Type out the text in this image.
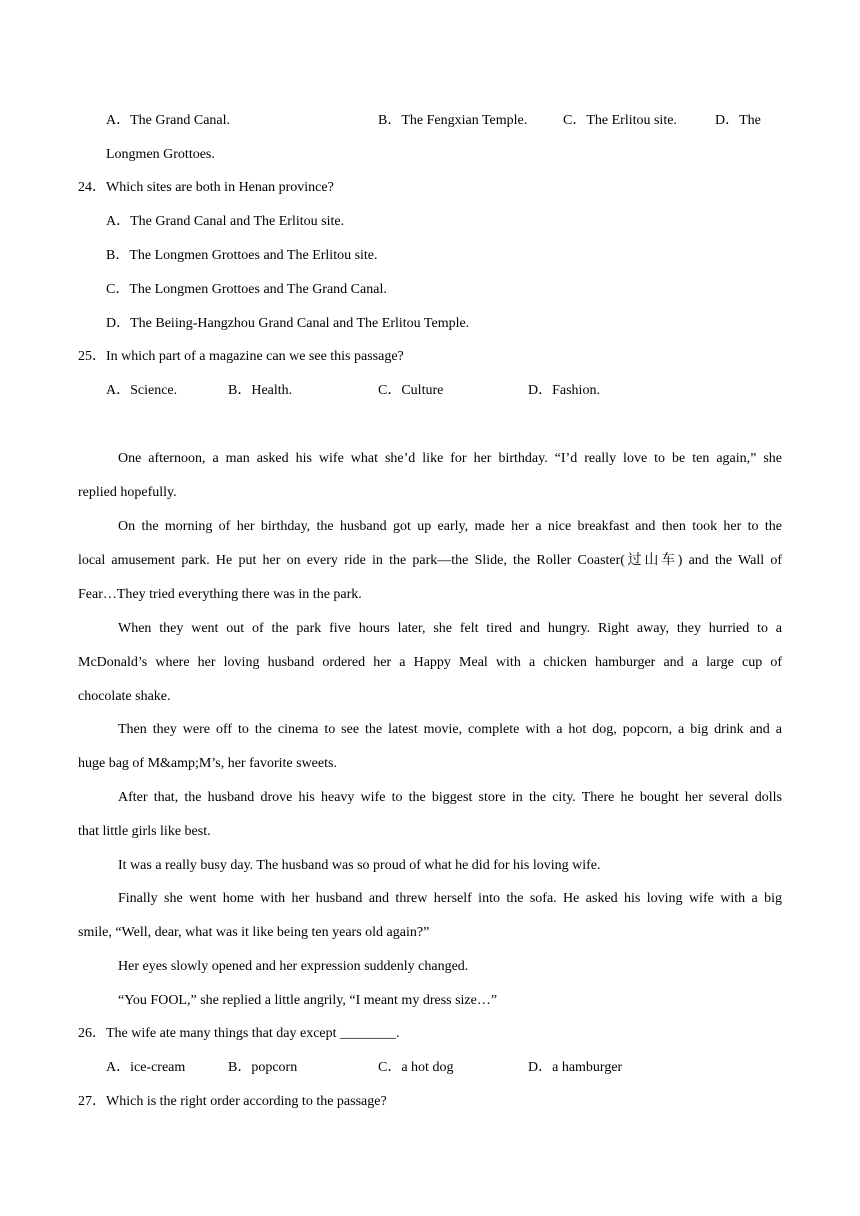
A．The Grand Canal.	B．The Fengxian Temple.	C．The Erlitou site.	D．The
Longmen Grottoes.
24．Which sites are both in Henan province?
A．The Grand Canal and The Erlitou site.
B．The Longmen Grottoes and The Erlitou site.
C．The Longmen Grottoes and The Grand Canal.
D．The Beiing-Hangzhou Grand Canal and The Erlitou Temple.
25．In which part of a magazine can we see this passage?
A．Science.	B．Health.	C．Culture	D．Fashion.
One afternoon, a man asked his wife what she’d like for her birthday. “I’d really love to be ten again,” she
replied hopefully.
On the morning of her birthday, the husband got up early, made her a nice breakfast and then took her to the
local amusement park. He put her on every ride in the park—the Slide, the Roller Coaster(过山车) and the Wall of
Fear…They tried everything there was in the park.
When they went out of the park five hours later, she felt tired and hungry. Right away, they hurried to a
McDonald’s where her loving husband ordered her a Happy Meal with a chicken hamburger and a large cup of
chocolate shake.
Then they were off to the cinema to see the latest movie, complete with a hot dog, popcorn, a big drink and a
huge bag of M&amp;M’s, her favorite sweets.
After that, the husband drove his heavy wife to the biggest store in the city. There he bought her several dolls
that little girls like best.
It was a really busy day. The husband was so proud of what he did for his loving wife.
Finally she went home with her husband and threw herself into the sofa. He asked his loving wife with a big
smile, “Well, dear, what was it like being ten years old again?”
Her eyes slowly opened and her expression suddenly changed.
“You FOOL,” she replied a little angrily, “I meant my dress size…”
26．The wife ate many things that day except ________.
A．ice-cream	B．popcorn	C．a hot dog	D．a hamburger
27．Which is the right order according to the passage?
